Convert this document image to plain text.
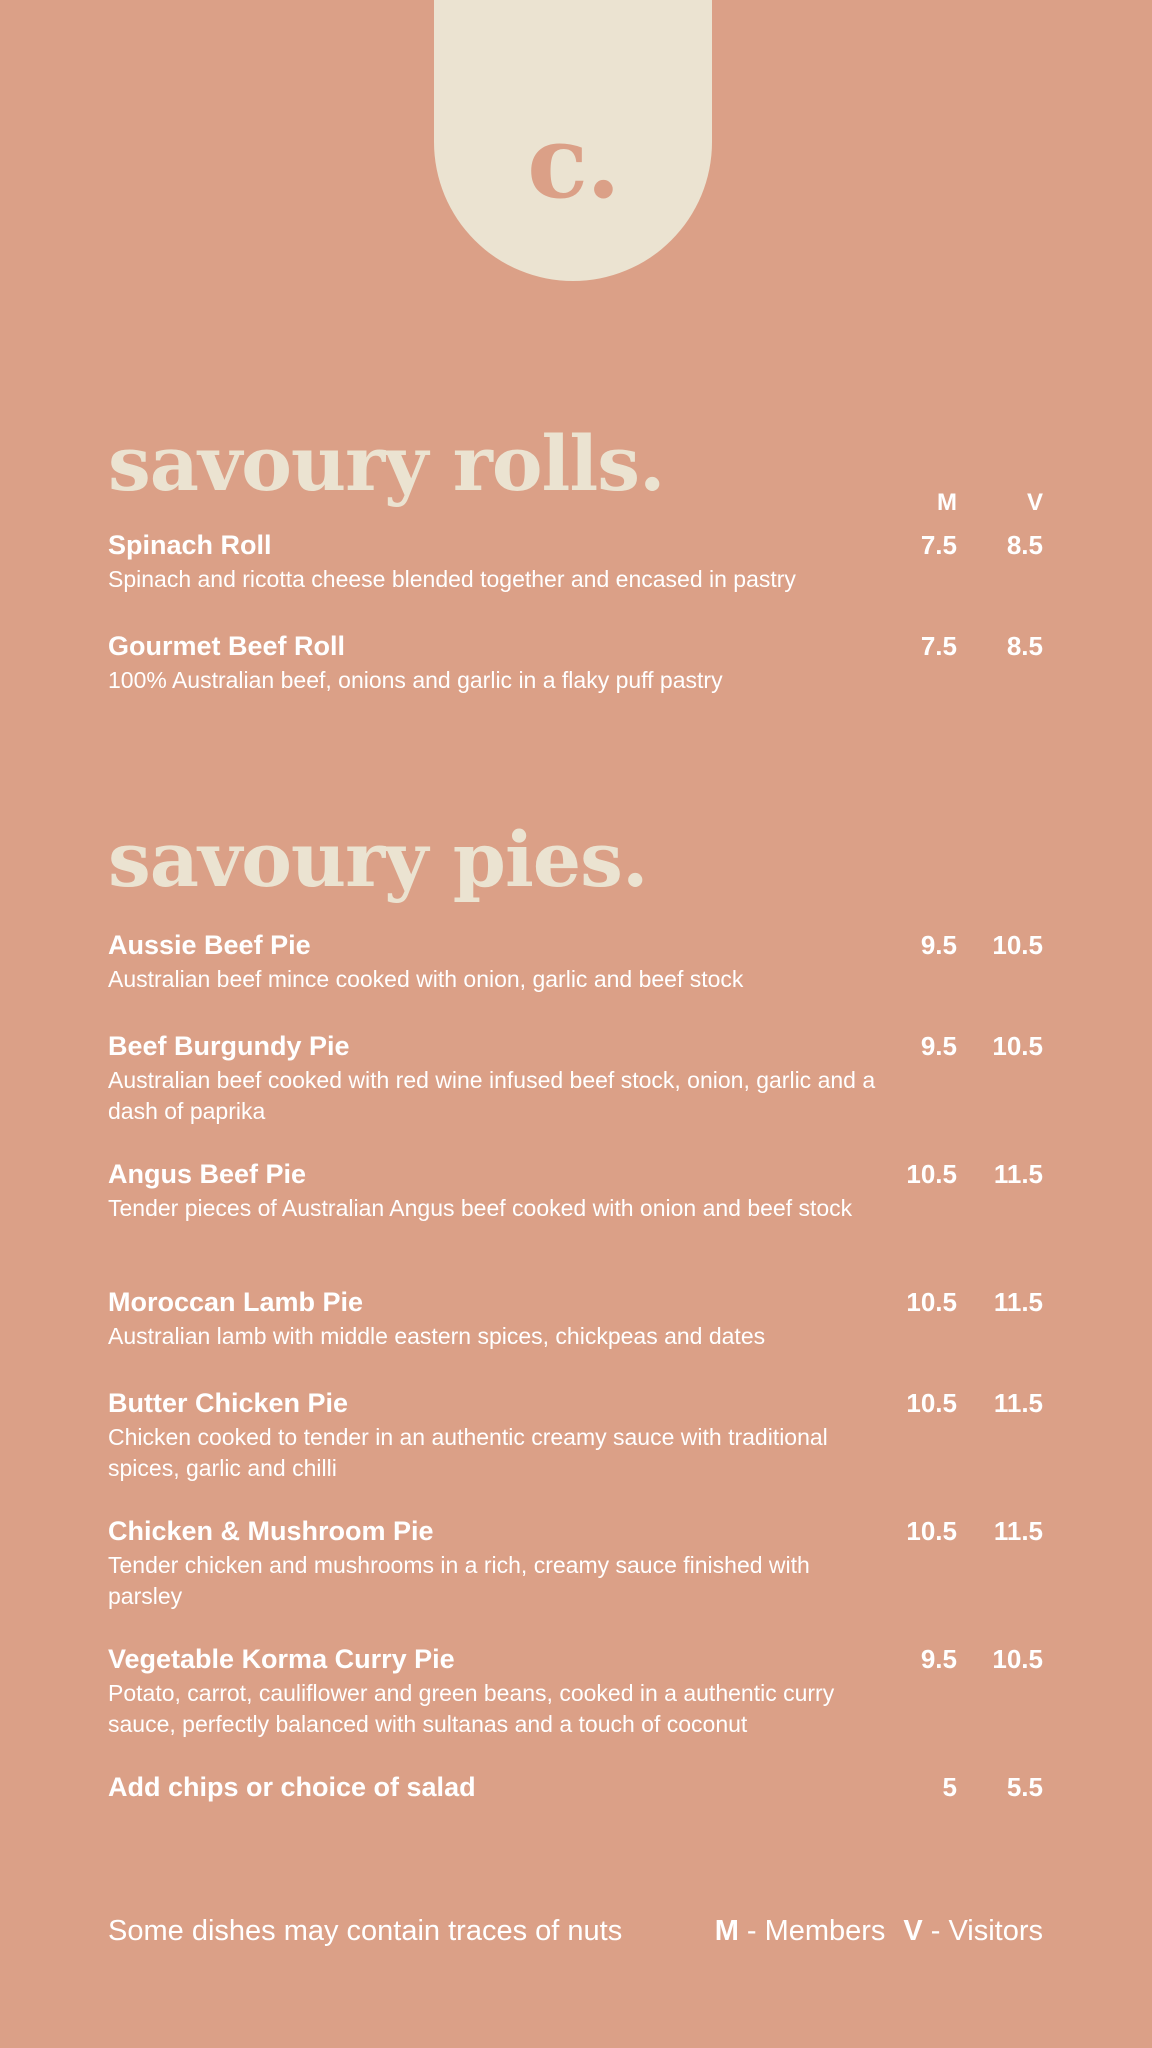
c.
savoury rolls.	M	V
Spinach Roll
Spinach and ricotta cheese blended together and encased in pastry
7.5	8.5
Gourmet Beef Roll
100% Australian beef, onions and garlic in a flaky puff pastry
7.5	8.5
savoury pies.
Aussie Beef Pie
Australian beef mince cooked with onion, garlic and beef stock
9.5	10.5
Beef Burgundy Pie
Australian beef cooked with red wine infused beef stock, onion, garlic and a dash of paprika
9.5	10.5
Angus Beef Pie
Tender pieces of Australian Angus beef cooked with onion and beef stock
10.5	11.5
Moroccan Lamb Pie
Australian lamb with middle eastern spices, chickpeas and dates
10.5	11.5
Butter Chicken Pie
Chicken cooked to tender in an authentic creamy sauce with traditional spices, garlic and chilli
10.5	11.5
Chicken & Mushroom Pie
Tender chicken and mushrooms in a rich, creamy sauce finished with parsley
10.5	11.5
Vegetable Korma Curry Pie
Potato, carrot, cauliflower and green beans, cooked in a authentic curry sauce, perfectly balanced with sultanas and a touch of coconut
9.5	10.5
Add chips or choice of salad	5	5.5
Some dishes may contain traces of nuts	M - Members V - Visitors
